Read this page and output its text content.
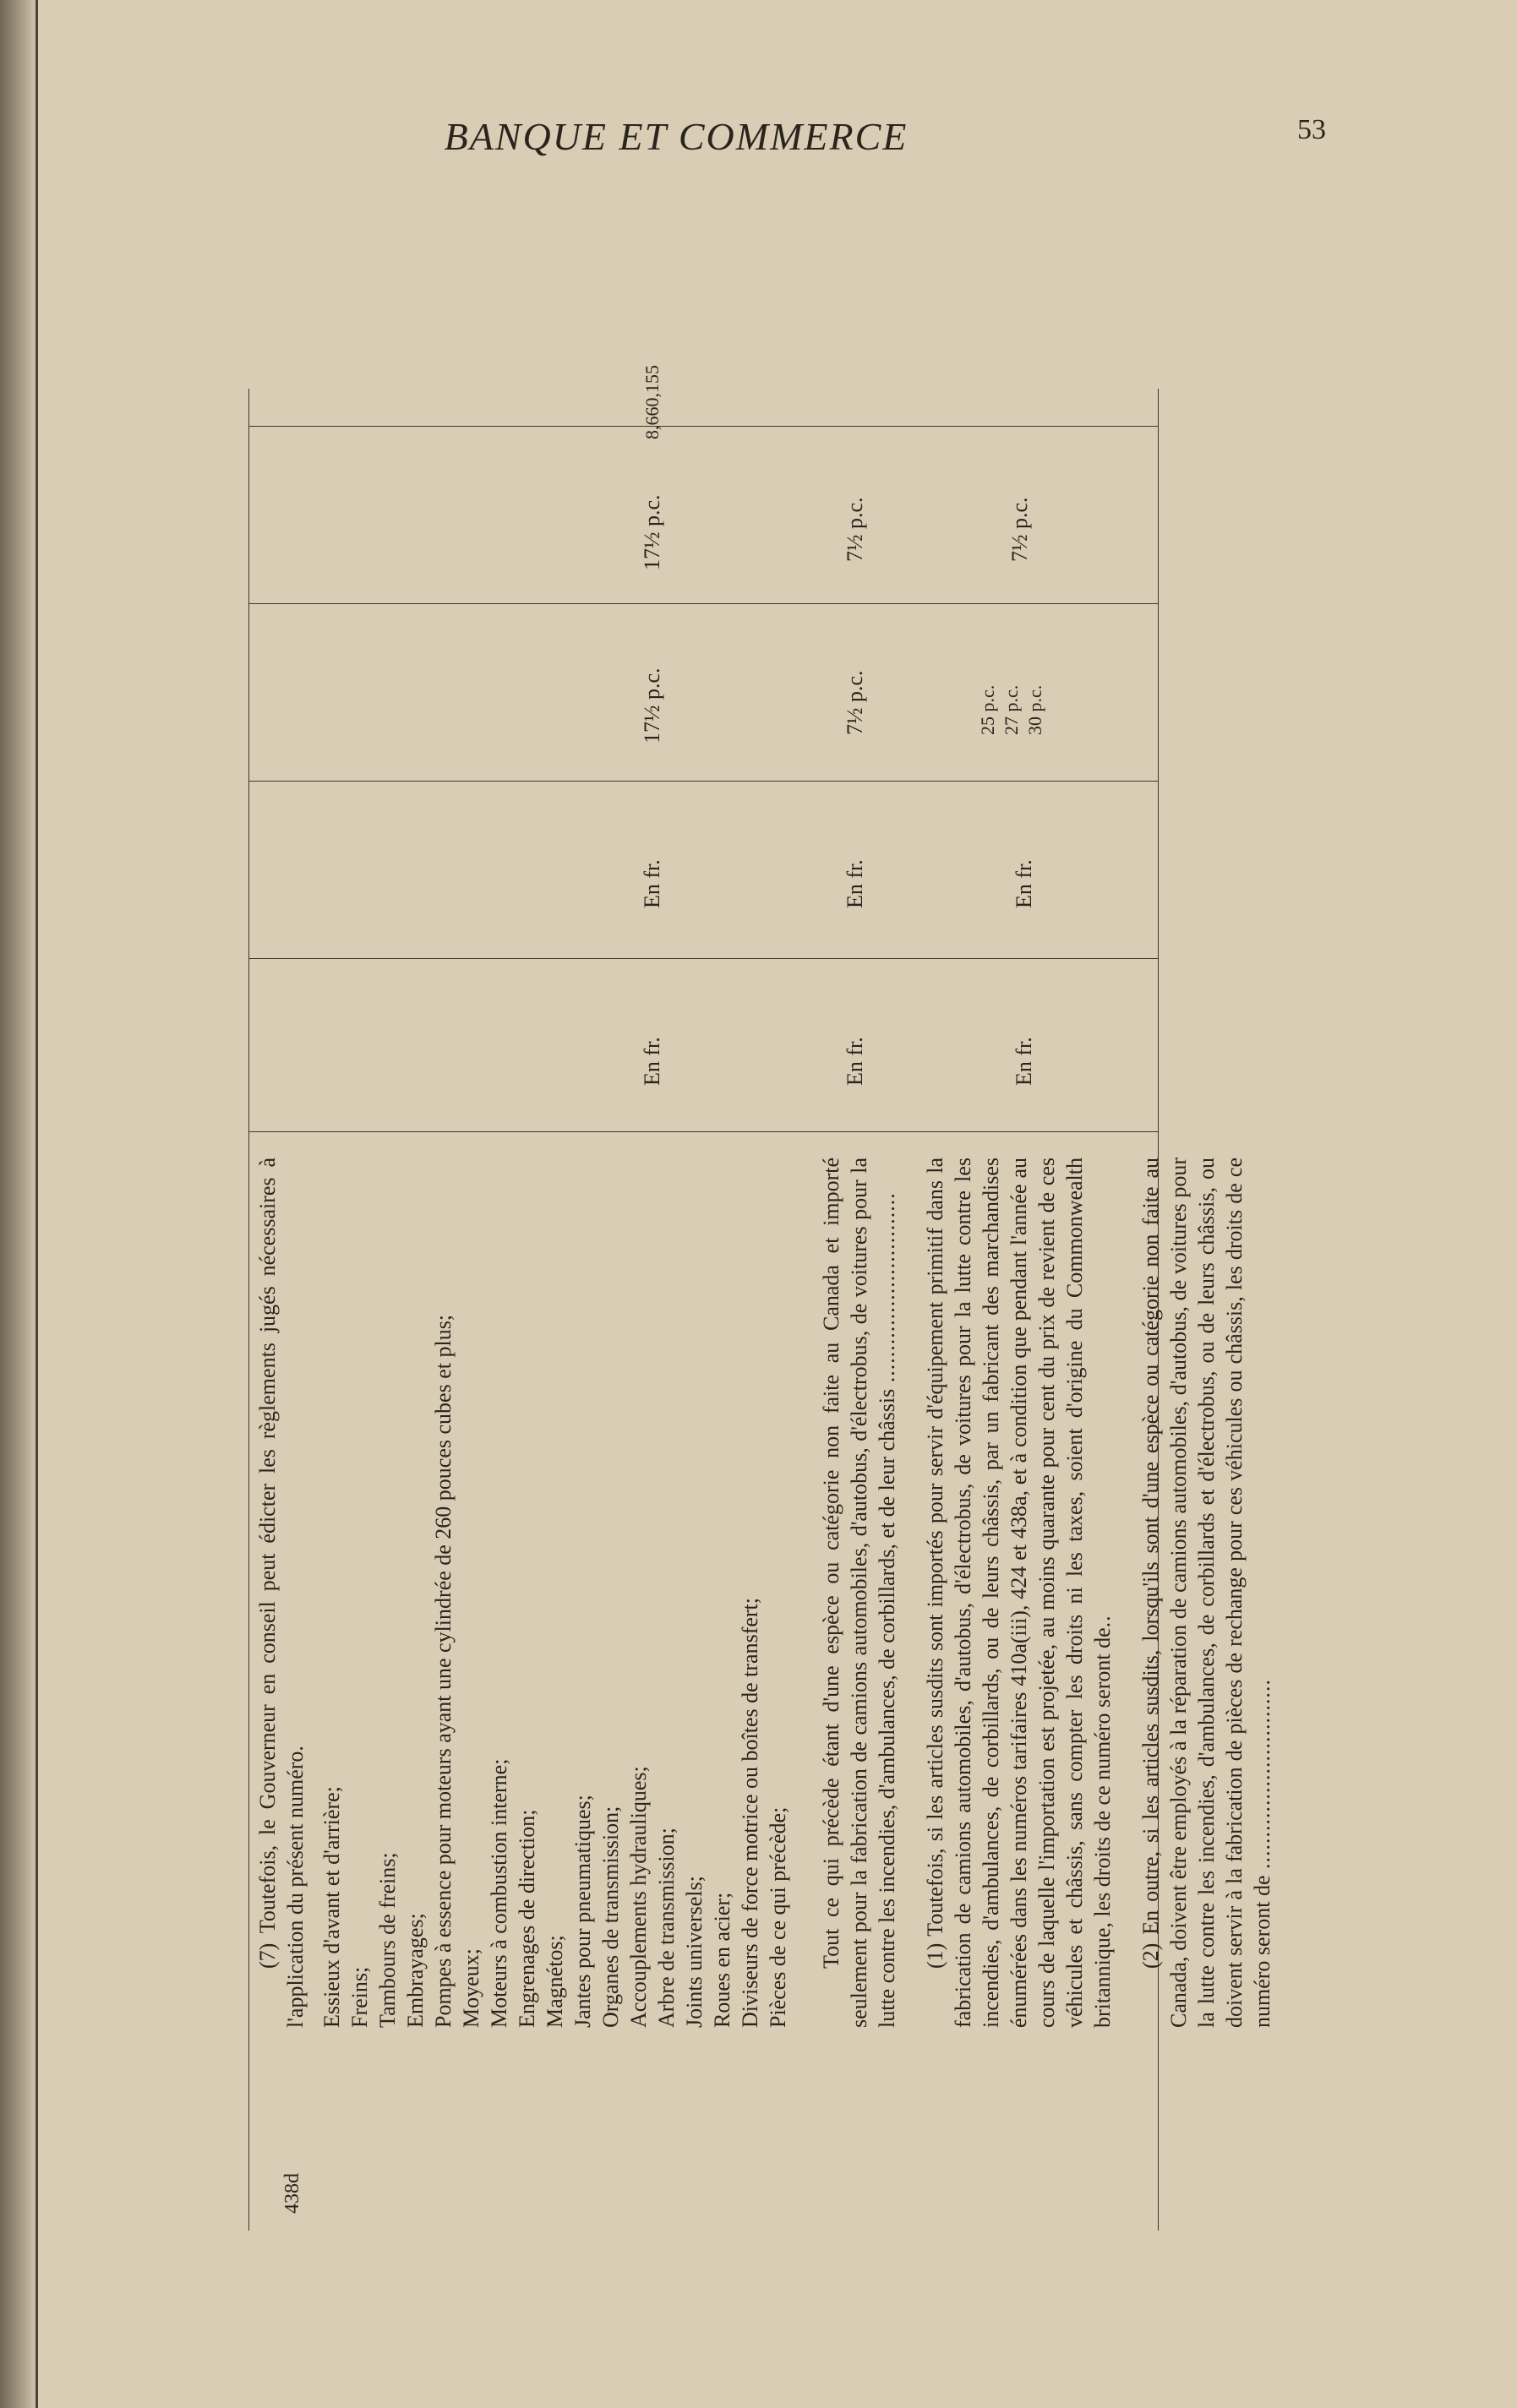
BANQUE ET COMMERCE	53
438d

(7) Toutefois, le Gouverneur en conseil peut édicter les règlements jugés nécessaires à l'application du présent numéro. Essieux d'avant et d'arrière; Freins; Tambours de freins; Embrayages; Pompes à essence pour moteurs ayant une cylindrée de 260 pouces cubes et plus; Moyeux; Moteurs à combustion interne; Engrenages de direction; Magnétos; Jantes pour pneumatiques; Organes de transmission; Accouplements hydrauliques; Arbre de transmission; Joints universels; Roues en acier; Diviseurs de force motrice ou boîtes de transfert; Pièces de ce qui précède; Tout ce qui précède étant d'une espèce ou catégorie non faite au Canada et importé seulement pour la fabrication de camions automobiles, d'autobus, d'électrobus, de voitures pour la lutte contre les incendies, d'ambulances, de corbillards, et de leur châssis .............................. (1) Toutefois, si les articles susdits sont importés pour servir d'équipement primitif dans la fabrication de camions automobiles, d'autobus, d'électrobus, de voitures pour la lutte contre les incendies, d'ambulances, de corbillards, ou de leurs châssis, par un fabricant des marchandises énumérées dans les numéros tarifaires 410a(iii), 424 et 438a, et à condition que pendant l'année au cours de laquelle l'importation est projetée, au moins quarante pour cent du prix de revient de ces véhicules et châssis, sans compter les droits ni les taxes, soient d'origine du Commonwealth britannique, les droits de ce numéro seront de.. (2) En outre, si les articles susdits, lorsqu'ils sont d'une espèce ou catégorie non faite au Canada, doivent être employés à la réparation de camions automobiles, d'autobus, de voitures pour la lutte contre les incendies, d'ambulances, de corbillards et d'électrobus, ou de leurs châssis, ou doivent servir à la fabrication de pièces de rechange pour ces véhicules ou châssis, les droits de ce numéro seront de ..............................

En fr.
En fr.
17½ p.c.
17½ p.c.
8,660,155
En fr.
En fr.
7½ p.c.
7½ p.c.
En fr.
En fr.
25 p.c. 27 p.c. 30 p.c.
7½ p.c.
